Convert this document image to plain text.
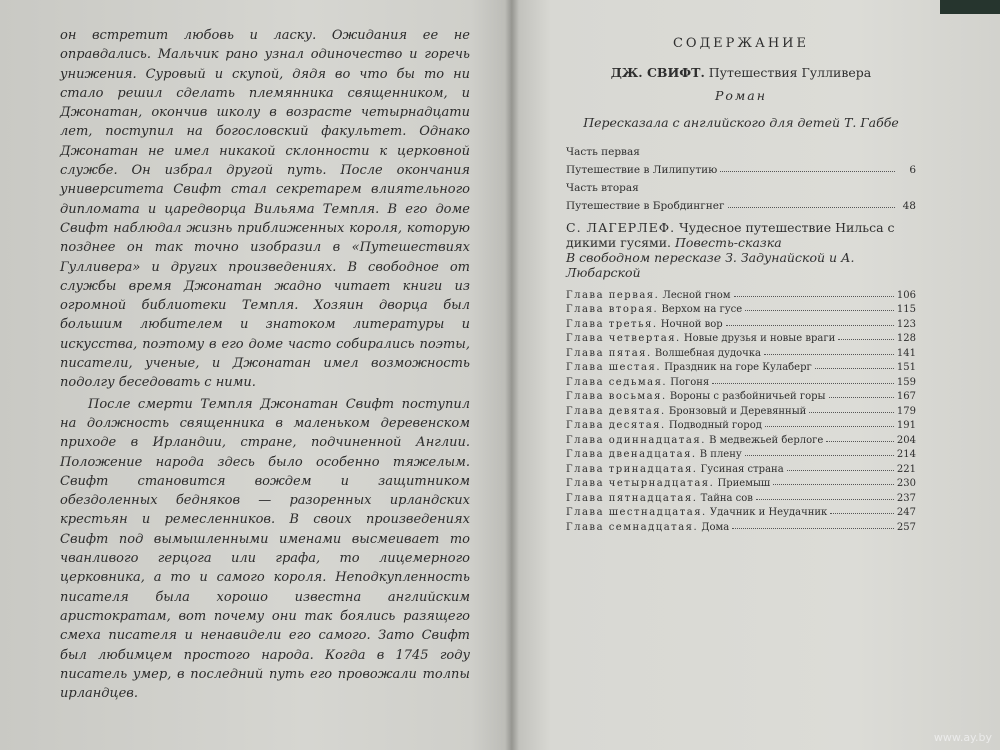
он встретит любовь и ласку. Ожидания ее не оправдались. Мальчик рано узнал одиночество и горечь унижения. Суровый и скупой, дядя во что бы то ни стало решил сделать племянника священником, и Джонатан, окончив школу в возрасте четырнадцати лет, поступил на богословский факультет. Однако Джонатан не имел никакой склонности к церковной службе. Он избрал другой путь. После окончания университета Свифт стал секретарем влиятельного дипломата и царедворца Вильяма Темпля. В его доме Свифт наблюдал жизнь приближенных короля, которую позднее он так точно изобразил в «Путешествиях Гулливера» и других произведениях. В свободное от службы время Джонатан жадно читает книги из огромной библиотеки Темпля. Хозяин дворца был большим любителем и знатоком литературы и искусства, поэтому в его доме часто собирались поэты, писатели, ученые, и Джонатан имел возможность подолгу беседовать с ними.

После смерти Темпля Джонатан Свифт поступил на должность священника в маленьком деревенском приходе в Ирландии, стране, подчиненной Англии. Положение народа здесь было особенно тяжелым. Свифт становится вождем и защитником обездоленных бедняков — разоренных ирландских крестьян и ремесленников. В своих произведениях Свифт под вымышленными именами высмеивает то чванливого герцога или графа, то лицемерного церковника, а то и самого короля. Неподкупленность писателя была хорошо известна английским аристократам, вот почему они так боялись разящего смеха писателя и ненавидели его самого. Зато Свифт был любимцем простого народа. Когда в 1745 году писатель умер, в последний путь его провожали толпы ирландцев.

СОДЕРЖАНИЕ
ДЖ. СВИФТ. Путешествия Гулливера
Роман
Пересказала с английского для детей Т. Габбе
Часть первая
Путешествие в Лилипутию	6
Часть вторая
Путешествие в Бробдингнег	48
С. ЛАГЕРЛЕФ. Чудесное путешествие Нильса с дикими гусями. Повесть-сказка
В свободном пересказе З. Задунайской и А. Любарской
Глава первая. Лесной гном	106
Глава вторая. Верхом на гусе	115
Глава третья. Ночной вор	123
Глава четвертая. Новые друзья и новые враги	128
Глава пятая. Волшебная дудочка	141
Глава шестая. Праздник на горе Кулаберг	151
Глава седьмая. Погоня	159
Глава восьмая. Вороны с разбойничьей горы	167
Глава девятая. Бронзовый и Деревянный	179
Глава десятая. Подводный город	191
Глава одиннадцатая. В медвежьей берлоге	204
Глава двенадцатая. В плену	214
Глава тринадцатая. Гусиная страна	221
Глава четырнадцатая. Приемыш	230
Глава пятнадцатая. Тайна сов	237
Глава шестнадцатая. Удачник и Неудачник	247
Глава семнадцатая. Дома	257
www.ay.by
